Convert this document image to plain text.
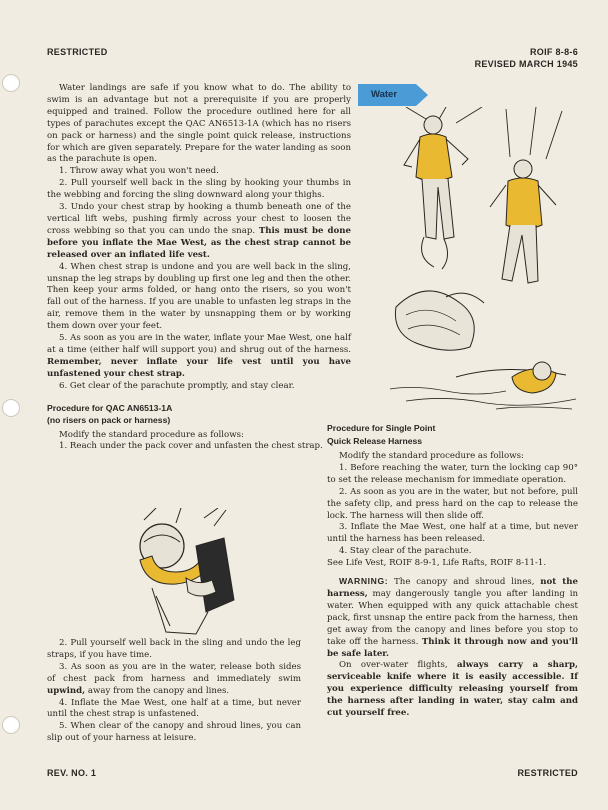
RESTRICTED	ROIF 8-8-6
REVISED MARCH 1945
Water

Water landings are safe if you know what to do. The ability to swim is an advantage but not a prerequisite if you are properly equipped and trained. Follow the procedure outlined here for all types of parachutes except the QAC AN6513-1A (which has no risers on pack or harness) and the single point quick release, instructions for which are given separately. Prepare for the water landing as soon as the parachute is open.

1. Throw away what you won't need.

2. Pull yourself well back in the sling by hooking your thumbs in the webbing and forcing the sling downward along your thighs.

3. Undo your chest strap by hooking a thumb beneath one of the vertical lift webs, pushing firmly across your chest to loosen the cross webbing so that you can undo the snap. This must be done before you inflate the Mae West, as the chest strap cannot be released over an inflated life vest.

4. When chest strap is undone and you are well back in the sling, unsnap the leg straps by doubling up first one leg and then the other. Then keep your arms folded, or hang onto the risers, so you won't fall out of the harness. If you are unable to unfasten leg straps in the air, remove them in the water by unsnapping them or by working them down over your feet.

5. As soon as you are in the water, inflate your Mae West, one half at a time (either half will support you) and shrug out of the harness. Remember, never inflate your life vest until you have unfastened your chest strap.

6. Get clear of the parachute promptly, and stay clear.

Procedure for QAC AN6513-1A

(no risers on pack or harness)

Modify the standard procedure as follows:

1. Reach under the pack cover and unfasten the chest strap.

2. Pull yourself well back in the sling and undo the leg straps, if you have time.

3. As soon as you are in the water, release both sides of chest pack from harness and immediately swim upwind, away from the canopy and lines.

4. Inflate the Mae West, one half at a time, but never until the chest strap is unfastened.

5. When clear of the canopy and shroud lines, you can slip out of your harness at leisure.

Procedure for Single Point

Quick Release Harness

Modify the standard procedure as follows:

1. Before reaching the water, turn the locking cap 90° to set the release mechanism for immediate operation.

2. As soon as you are in the water, but not before, pull the safety clip, and press hard on the cap to release the lock. The harness will then slide off.

3. Inflate the Mae West, one half at a time, but never until the harness has been released.

4. Stay clear of the parachute.

See Life Vest, ROIF 8-9-1, Life Rafts, ROIF 8-11-1.

WARNING: The canopy and shroud lines, not the harness, may dangerously tangle you after landing in water. When equipped with any quick attachable chest pack, first unsnap the entire pack from the harness, then get away from the canopy and lines before you stop to take off the harness. Think it through now and you'll be safe later.

On over-water flights, always carry a sharp, serviceable knife where it is easily accessible. If you experience difficulty releasing yourself from the harness after landing in water, stay calm and cut yourself free.

REV. NO. 1	RESTRICTED
